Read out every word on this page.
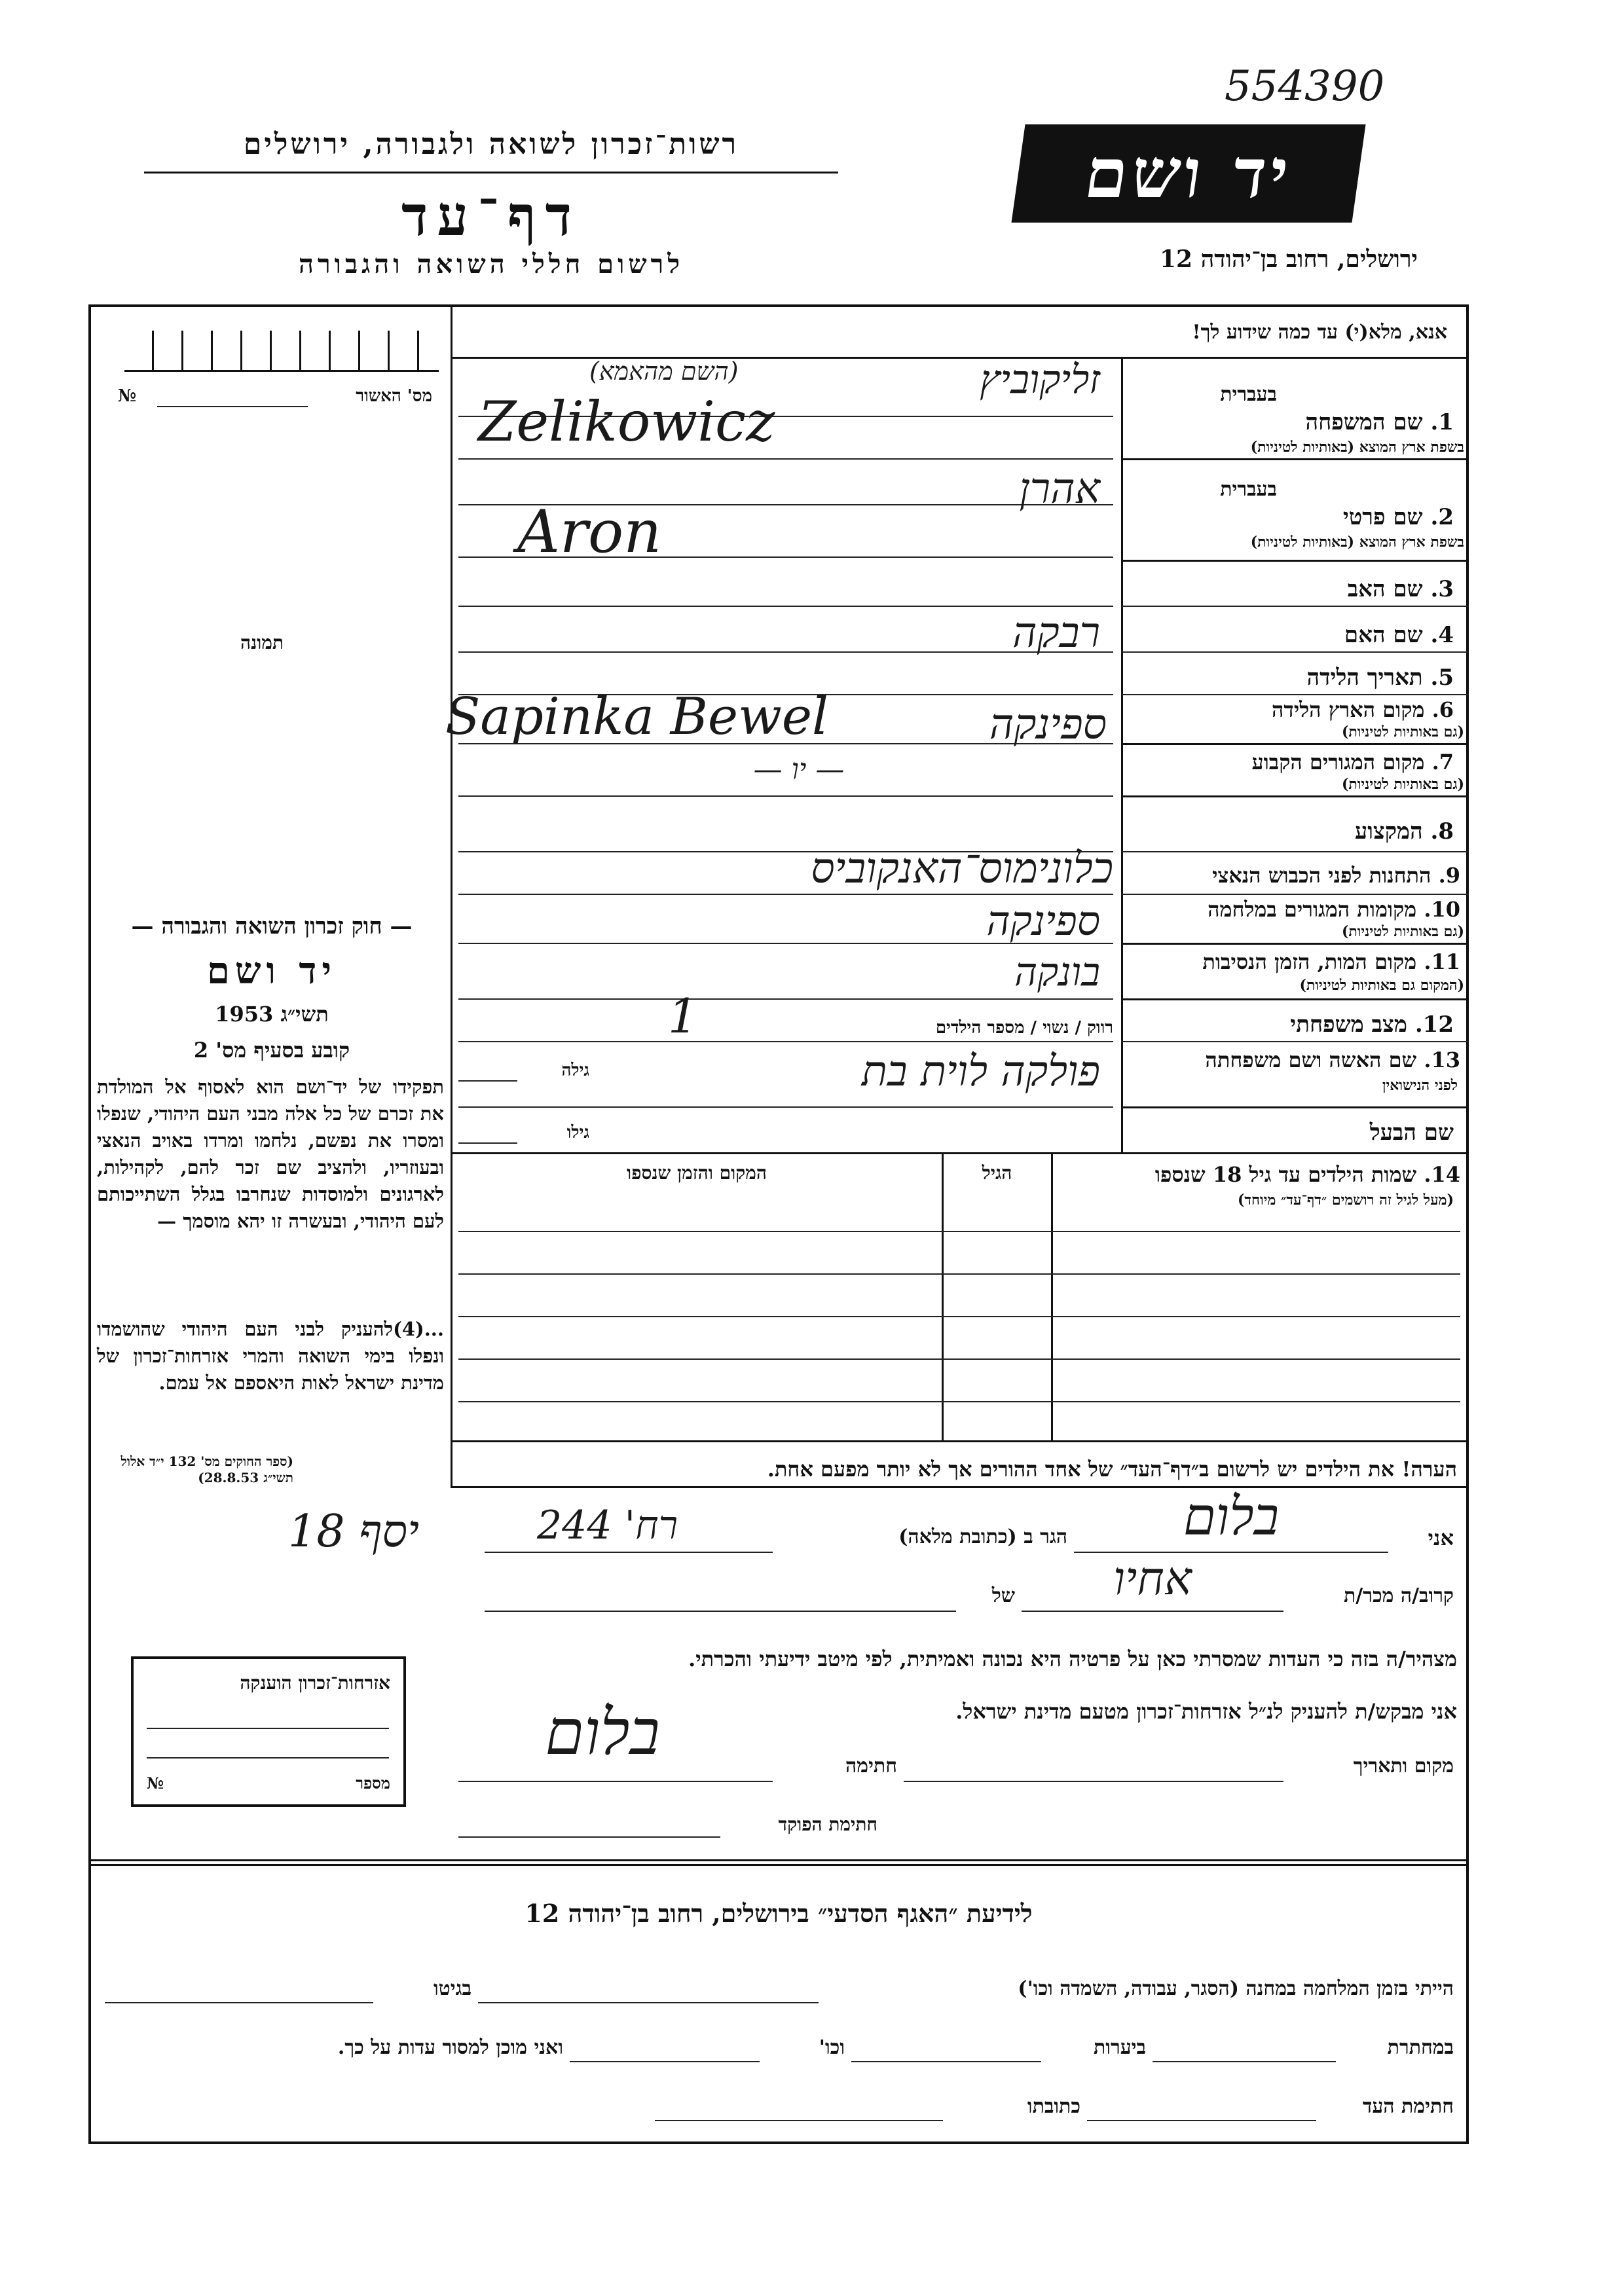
554390
רשות־זכרון לשואה ולגבורה, ירושלים
דף־עד
לרשום חללי השואה והגבורה
יד ושם
ירושלים, רחוב בן־יהודה 12
אנא, מלא(י) עד כמה שידוע לך!
מס' האשור
№
תמונה
— חוק זכרון השואה והגבורה —
יד ושם
תשי״ג 1953
קובע בסעיף מס' 2
תפקידו של יד־ושם הוא לאסוף אל המולדת את זכרם של כל אלה מבני העם היהודי, שנפלו ומסרו את נפשם, נלחמו ומרדו באויב הנאצי ובעוזריו, ולהציב שם זכר להם, לקהילות, לארגונים ולמוסדות שנחרבו בגלל השתייכותם לעם היהודי, ובעשרה זו יהא מוסמך —
...(4)להעניק לבני העם היהודי שהושמדו ונפלו בימי השואה והמרי אזרחות־זכרון של מדינת ישראל לאות היאספם אל עמם.
(ספר החוקים מס' 132 י״ד אלול תשי״ג 28.8.53)
18 יסף
אזרחות־זכרון הוענקה
מספר
№
בעברית
1. שם המשפחה
בשפת ארץ המוצא (באותיות לטיניות)
בעברית
2. שם פרטי
בשפת ארץ המוצא (באותיות לטיניות)
3. שם האב
4. שם האם
5. תאריך הלידה
6. מקום הארץ הלידה
(גם באותיות לטיניות)
7. מקום המגורים הקבוע
(גם באותיות לטיניות)
8. המקצוע
9. התחנות לפני הכבוש הנאצי
10. מקומות המגורים במלחמה
(גם באותיות לטיניות)
11. מקום המות, הזמן הנסיבות
(המקום גם באותיות לטיניות)
12. מצב משפחתי
13. שם האשה ושם משפחתה
לפני הנישואין
שם הבעל
זליקוביץ
(השם מהאמא)
Zelikowicz
אהרן
Aron
רבקה
ספינקה
Sapinka Bewel
— יו —
כלונימוס־האנקוביס
ספינקה
בונקה
רווק / נשוי / מספר הילדים
1
גילה	פולקה לוית בת
גילו
14. שמות הילדים עד גיל 18 שנספו
(מעל לגיל זה רושמים ״דף־עד״ מיוחד)
הגיל
המקום והזמן שנספו
הערה! את הילדים יש לרשום ב״דף־העד״ של אחד ההורים אך לא יותר מפעם אחת.
אני
בלום
הגר ב (כתובת מלאה)
רח' 244
קרוב/ה מכר/ת
אחיו
של
מצהיר/ה בזה כי העדות שמסרתי כאן על פרטיה היא נכונה ואמיתית, לפי מיטב ידיעתי והכרתי.
אני מבקש/ת להעניק לנ״ל אזרחות־זכרון מטעם מדינת ישראל.
מקום ותאריך
חתימה
בלום
חתימת הפוקד
לידיעת ״האגף הסדעי״ בירושלים, רחוב בן־יהודה 12
הייתי בזמן המלחמה במחנה (הסגר, עבודה, השמדה וכו')
בגיטו
במחתרת
ביערות
וכו'
ואני מוכן למסור עדות על כך.
חתימת העד
כתובתו
